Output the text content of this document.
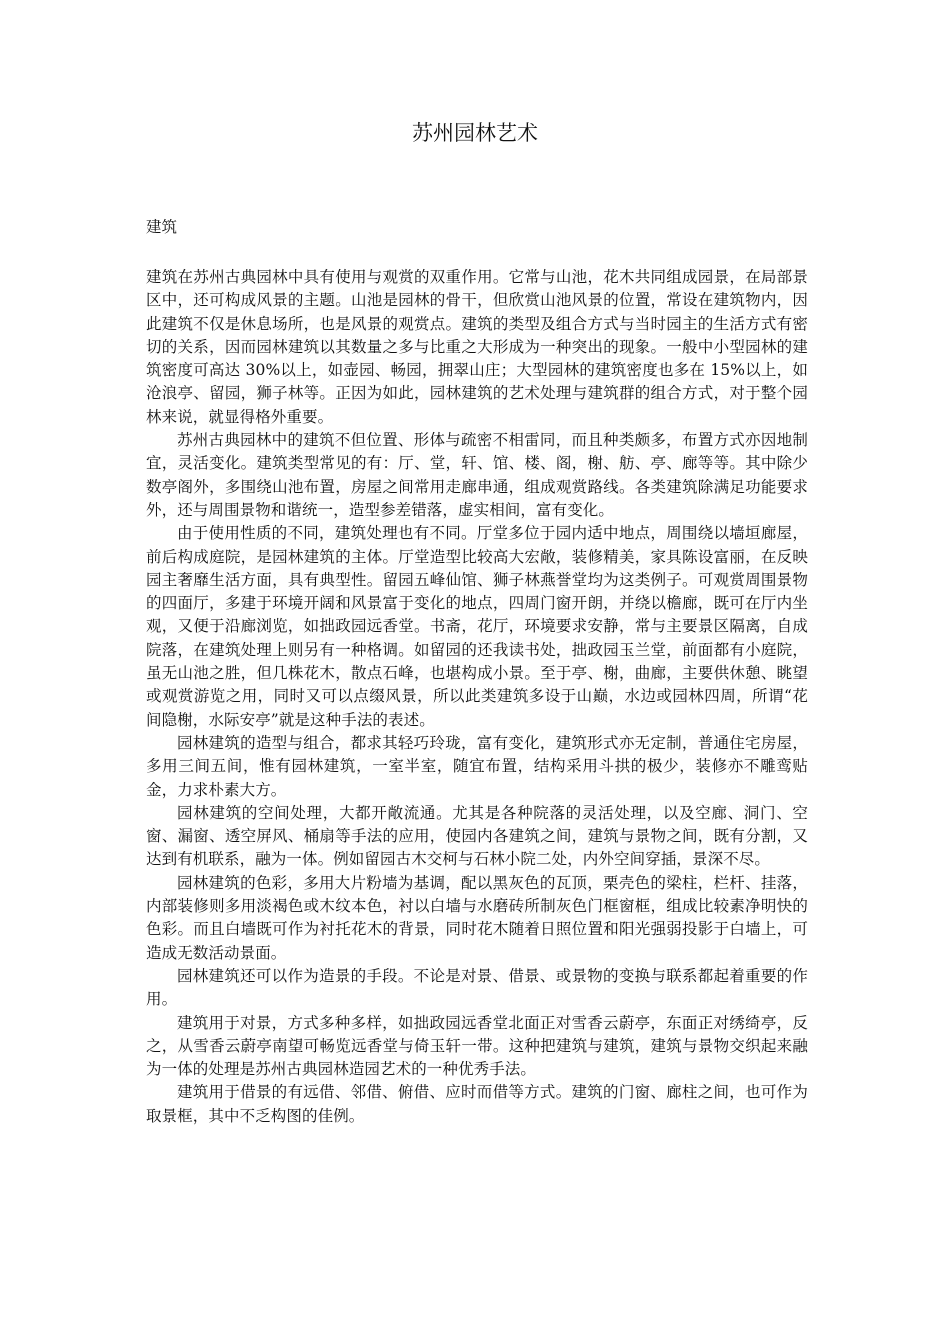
苏州园林艺术
建筑

建筑在苏州古典园林中具有使用与观赏的双重作用。它常与山池，花木共同组成园景，在局部景区中，还可构成风景的主题。山池是园林的骨干，但欣赏山池风景的位置，常设在建筑物内，因此建筑不仅是休息场所，也是风景的观赏点。建筑的类型及组合方式与当时园主的生活方式有密切的关系，因而园林建筑以其数量之多与比重之大形成为一种突出的现象。一般中小型园林的建筑密度可高达 30%以上，如壶园、畅园，拥翠山庄；大型园林的建筑密度也多在 15%以上，如沧浪亭、留园，狮子林等。正因为如此，园林建筑的艺术处理与建筑群的组合方式，对于整个园林来说，就显得格外重要。

苏州古典园林中的建筑不但位置、形体与疏密不相雷同，而且种类颇多，布置方式亦因地制宜，灵活变化。建筑类型常见的有：厅、堂，轩、馆、楼、阁，榭、舫、亭、廊等等。其中除少数亭阁外，多围绕山池布置，房屋之间常用走廊串通，组成观赏路线。各类建筑除满足功能要求外，还与周围景物和谐统一，造型参差错落，虚实相间，富有变化。

由于使用性质的不同，建筑处理也有不同。厅堂多位于园内适中地点，周围绕以墙垣廊屋，前后构成庭院，是园林建筑的主体。厅堂造型比较高大宏敞，装修精美，家具陈设富丽，在反映园主奢靡生活方面，具有典型性。留园五峰仙馆、狮子林燕誉堂均为这类例子。可观赏周围景物的四面厅，多建于环境开阔和风景富于变化的地点，四周门窗开朗，并绕以檐廊，既可在厅内坐观，又便于沿廊浏览，如拙政园远香堂。书斋，花厅，环境要求安静，常与主要景区隔离，自成院落，在建筑处理上则另有一种格调。如留园的还我读书处，拙政园玉兰堂，前面都有小庭院，虽无山池之胜，但几株花木，散点石峰，也堪构成小景。至于亭、榭，曲廊，主要供休憩、眺望或观赏游览之用，同时又可以点缀风景，所以此类建筑多设于山巅，水边或园林四周，所谓“花间隐榭，水际安亭”就是这种手法的表述。

园林建筑的造型与组合，都求其轻巧玲珑，富有变化，建筑形式亦无定制，普通住宅房屋，多用三间五间，惟有园林建筑，一室半室，随宜布置，结构采用斗拱的极少，装修亦不雕鸾贴金，力求朴素大方。

园林建筑的空间处理，大都开敞流通。尤其是各种院落的灵活处理，以及空廊、洞门、空窗、漏窗、透空屏风、桶扇等手法的应用，使园内各建筑之间，建筑与景物之间，既有分割，又达到有机联系，融为一体。例如留园古木交柯与石林小院二处，内外空间穿插，景深不尽。

园林建筑的色彩，多用大片粉墙为基调，配以黑灰色的瓦顶，栗壳色的梁柱，栏杆、挂落，内部装修则多用淡褐色或木纹本色，衬以白墙与水磨砖所制灰色门框窗框，组成比较素净明快的色彩。而且白墙既可作为衬托花木的背景，同时花木随着日照位置和阳光强弱投影于白墙上，可造成无数活动景面。

园林建筑还可以作为造景的手段。不论是对景、借景、或景物的变换与联系都起着重要的作用。

建筑用于对景，方式多种多样，如拙政园远香堂北面正对雪香云蔚亭，东面正对绣绮亭，反之，从雪香云蔚亭南望可畅览远香堂与倚玉轩一带。这种把建筑与建筑，建筑与景物交织起来融为一体的处理是苏州古典园林造园艺术的一种优秀手法。

建筑用于借景的有远借、邻借、俯借、应时而借等方式。建筑的门窗、廊柱之间，也可作为取景框，其中不乏构图的佳例。
